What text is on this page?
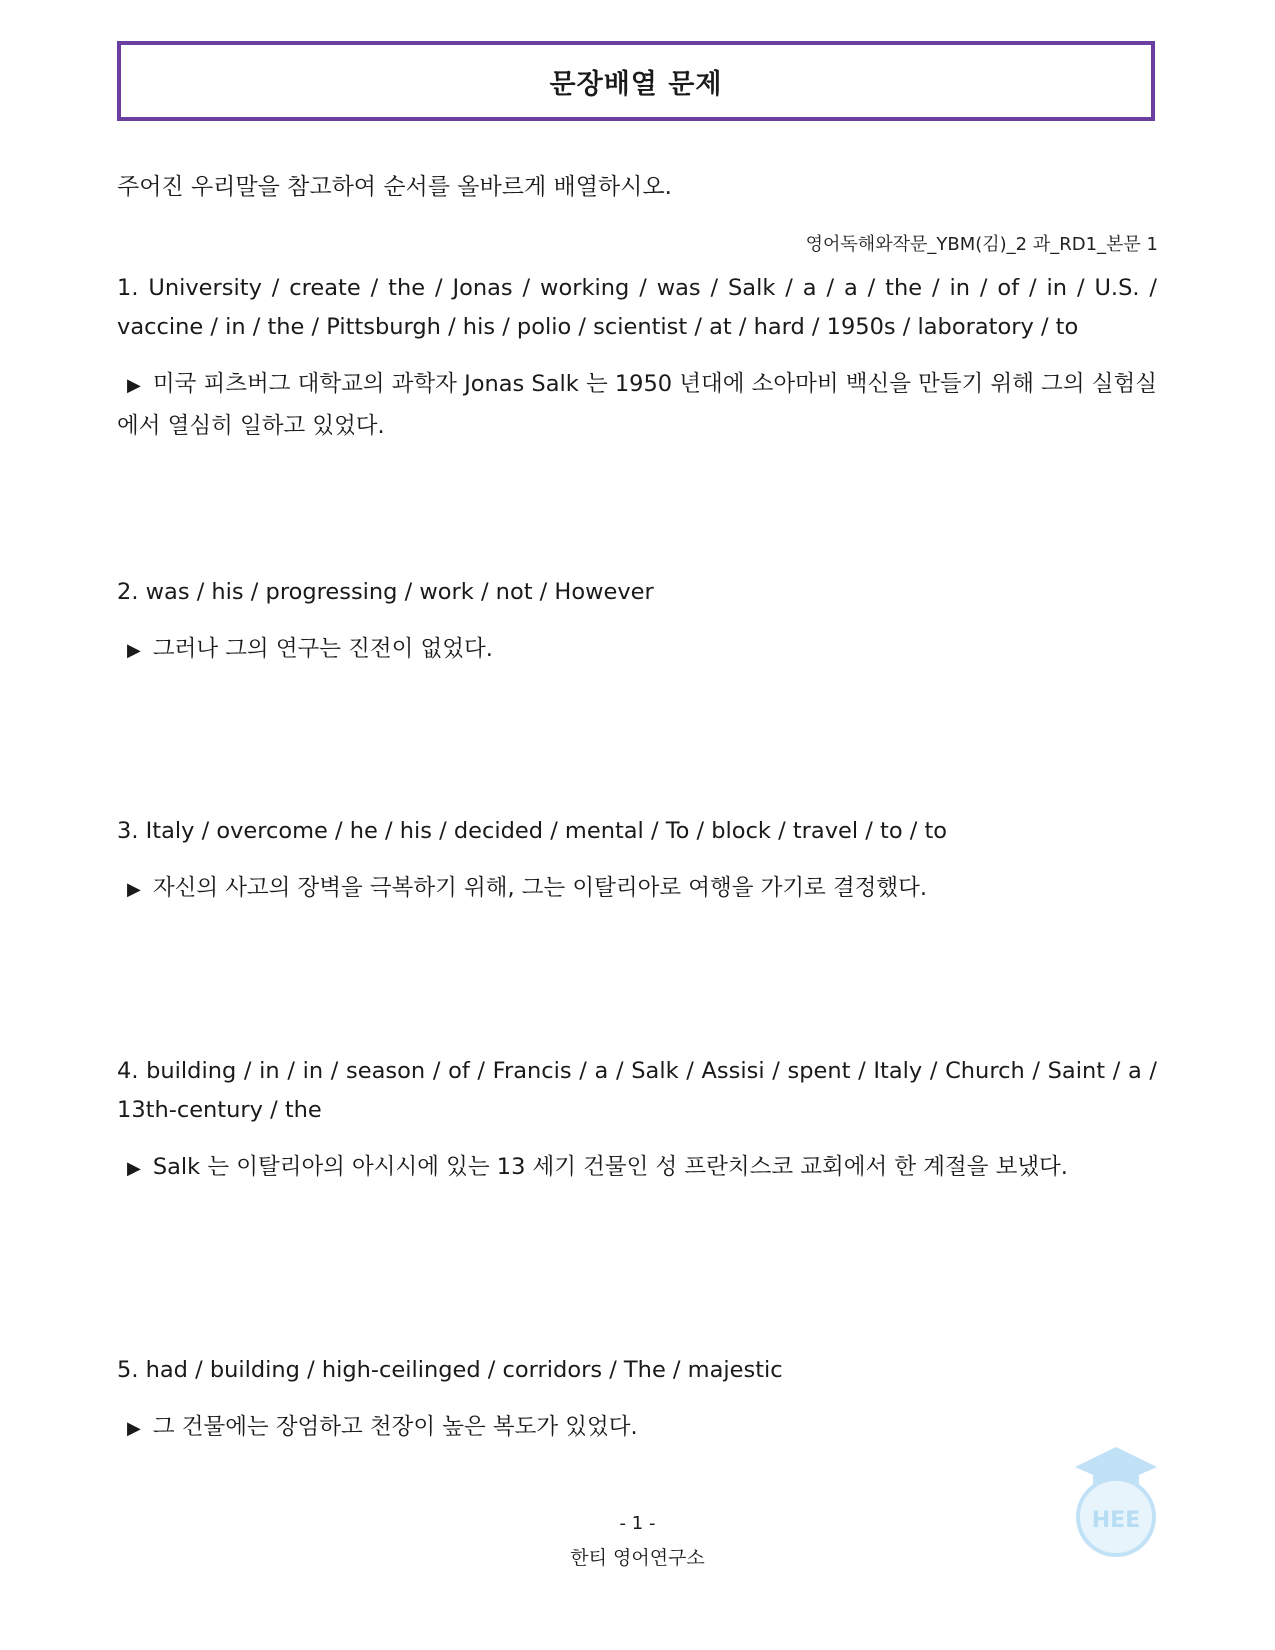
문장배열 문제
주어진 우리말을 참고하여 순서를 올바르게 배열하시오.
영어독해와작문_YBM(김)_2 과_RD1_본문 1

1. University / create / the / Jonas / working / was / Salk / a / a / the / in / of / in / U.S. / vaccine / in / the / Pittsburgh / his / polio / scientist / at / hard / 1950s / laboratory / to

▶ 미국 피츠버그 대학교의 과학자 Jonas Salk 는 1950 년대에 소아마비 백신을 만들기 위해 그의 실험실에서 열심히 일하고 있었다.

2. was / his / progressing / work / not / However

▶ 그러나 그의 연구는 진전이 없었다.

3. Italy / overcome / he / his / decided / mental / To / block / travel / to / to

▶ 자신의 사고의 장벽을 극복하기 위해, 그는 이탈리아로 여행을 가기로 결정했다.

4. building / in / in / season / of / Francis / a / Salk / Assisi / spent / Italy / Church / Saint / a / 13th-century / the

▶ Salk 는 이탈리아의 아시시에 있는 13 세기 건물인 성 프란치스코 교회에서 한 계절을 보냈다.

5. had / building / high-ceilinged / corridors / The / majestic

▶ 그 건물에는 장엄하고 천장이 높은 복도가 있었다.

- 1 -
한티 영어연구소
HEE
